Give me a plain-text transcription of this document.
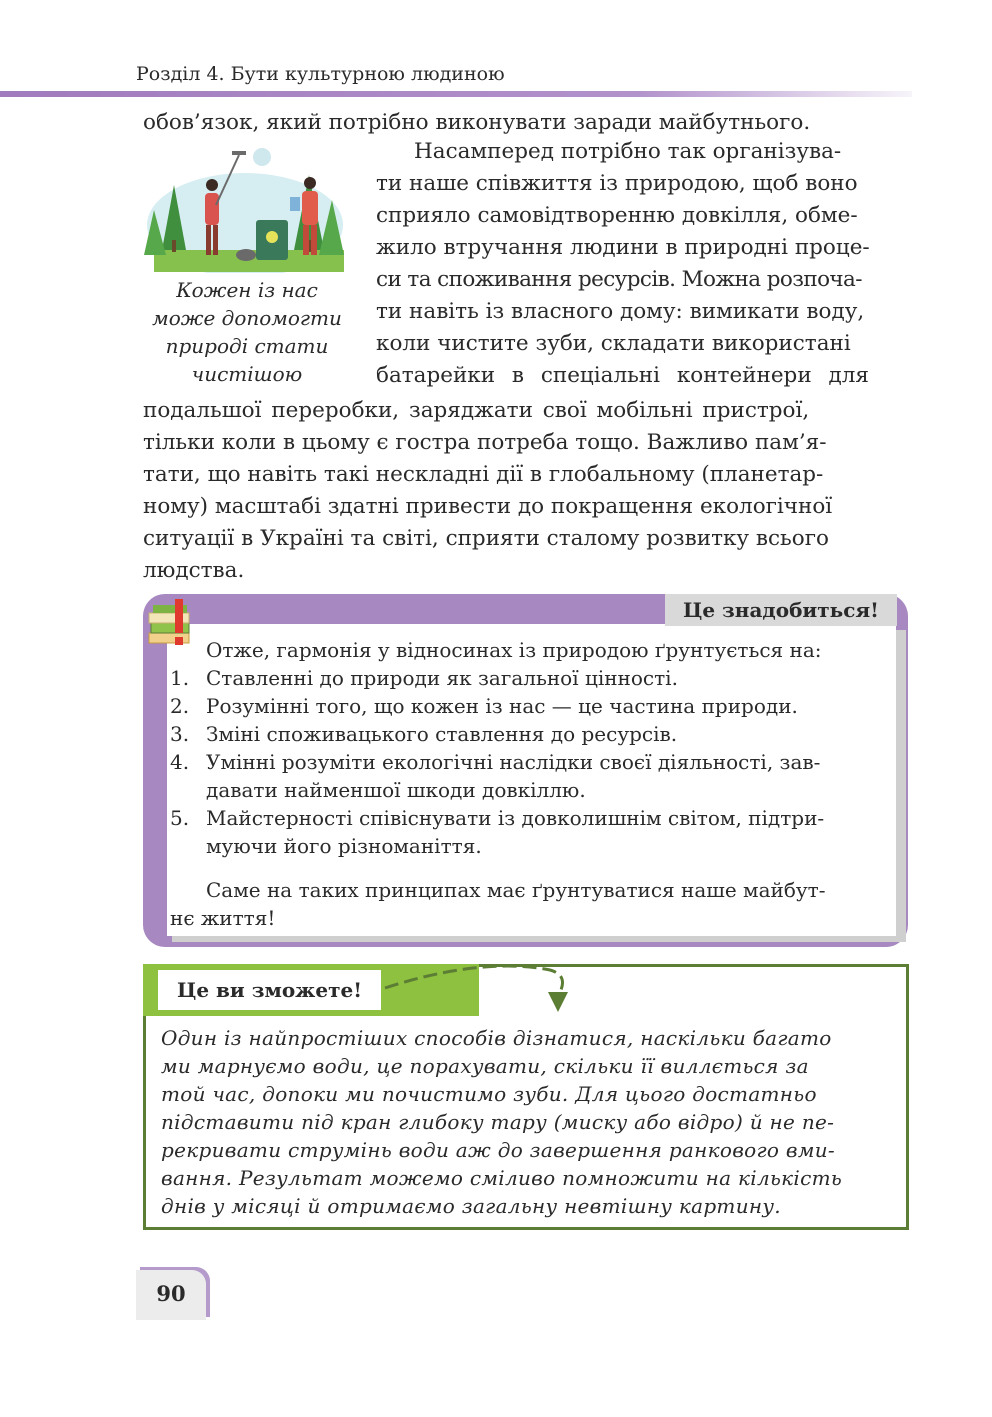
Розділ 4. Бути культурною людиною
обов’язок, який потрібно виконувати заради майбутнього.
Кожен із нас
може допомогти
природі стати
чистішою
Насамперед потрібно так організува-
ти наше співжиття із природою, щоб воно
сприяло самовідтворенню довкілля, обме-
жило втручання людини в природні проце-
си та споживання ресурсів. Можна розпоча-
ти навіть із власного дому: вимикати воду,
коли чистите зуби, складати використані
батарейки в спеціальні контейнери для
подальшої переробки, заряджати свої мобільні пристрої,
тільки коли в цьому є гостра потреба тощо. Важливо пам’я-
тати, що навіть такі нескладні дії в глобальному (планетар-
ному) масштабі здатні привести до покращення екологічної
ситуації в Україні та світі, сприяти сталому розвитку всього
людства.
Це знадобиться!
Отже, гармонія у відносинах із природою ґрунтується на:
1. Ставленні до природи як загальної цінності.
2. Розумінні того, що кожен із нас — це частина природи.
3. Зміні споживацького ставлення до ресурсів.
4. Умінні розуміти екологічні наслідки своєї діяльності, зав-
давати найменшої шкоди довкіллю.
5. Майстерності співіснувати із довколишнім світом, підтри-
муючи його різноманіття.
Саме на таких принципах має ґрунтуватися наше майбут-
нє життя!
Це ви зможете!
Один із найпростіших способів дізнатися, наскільки багато
ми марнуємо води, це порахувати, скільки її виллється за
той час, допоки ми почистимо зуби. Для цього достатньо
підставити під кран глибоку тару (миску або відро) й не пе-
рекривати струмінь води аж до завершення ранкового вми-
вання. Результат можемо сміливо помножити на кількість
днів у місяці й отримаємо загальну невтішну картину.
90
